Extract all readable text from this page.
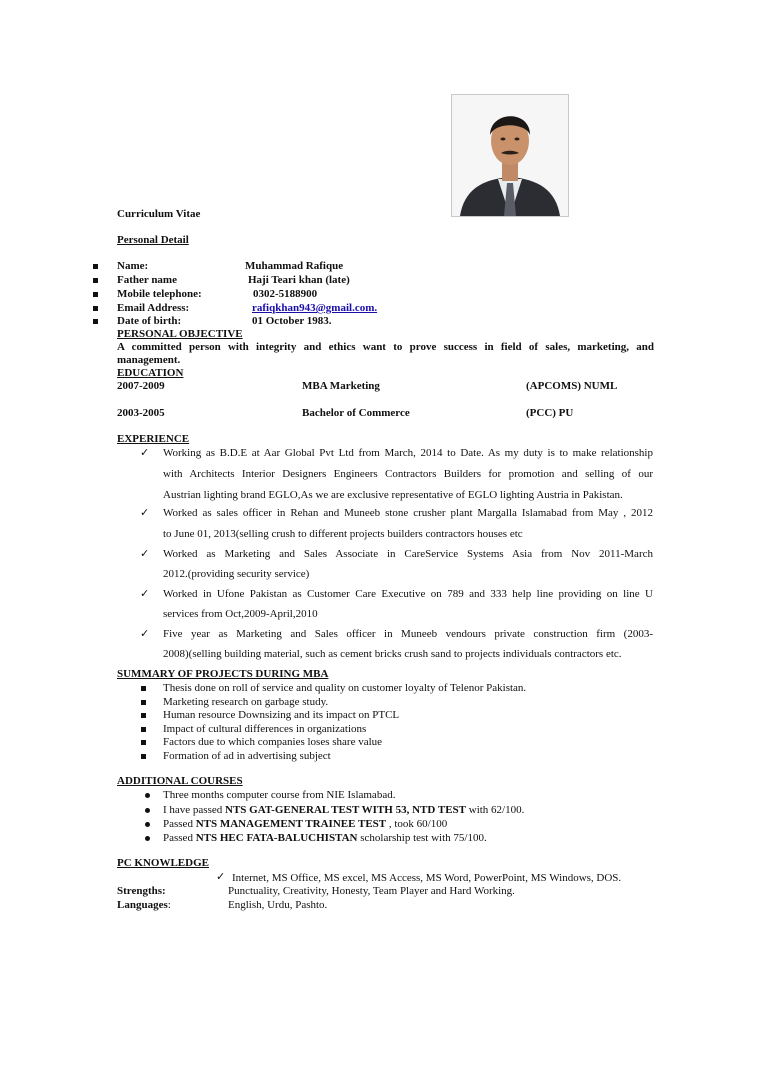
Curriculum Vitae
Personal Detail
Name:	Muhammad Rafique
Father name	Haji Teari khan (late)
Mobile telephone:	0302-5188900
Email Address:	rafiqkhan943@gmail.com.
Date of birth:	01 October 1983.
PERSONAL OBJECTIVE
A committed person with integrity and ethics want to prove success in field of sales, marketing, and
management.
EDUCATION
2007-2009	MBA Marketing	(APCOMS) NUML
2003-2005	Bachelor of Commerce	(PCC) PU
EXPERIENCE
✓ Working as B.D.E at Aar Global Pvt Ltd from March, 2014 to Date. As my duty is to make relationship
with Architects Interior Designers Engineers Contractors Builders for promotion and selling of our
Austrian lighting brand EGLO,As we are exclusive representative of EGLO lighting Austria in Pakistan.
✓ Worked as sales officer in Rehan and Muneeb stone crusher plant Margalla Islamabad from May , 2012
to June 01, 2013(selling crush to different projects builders contractors houses etc
✓ Worked as Marketing and Sales Associate in CareService Systems Asia from Nov 2011-March
2012.(providing security service)
✓ Worked in Ufone Pakistan as Customer Care Executive on 789 and 333 help line providing on line U
services from Oct,2009-April,2010
✓ Five year as Marketing and Sales officer in Muneeb vendours private construction firm (2003-
2008)(selling building material, such as cement bricks crush sand to projects individuals contractors etc.
SUMMARY OF PROJECTS DURING MBA
Thesis done on roll of service and quality on customer loyalty of Telenor Pakistan.
Marketing research on garbage study.
Human resource Downsizing and its impact on PTCL
Impact of cultural differences in organizations
Factors due to which companies loses share value
Formation of ad in advertising subject
ADDITIONAL COURSES
Three months computer course from NIE Islamabad.
I have passed NTS GAT-GENERAL TEST WITH 53, NTD TEST with 62/100.
Passed NTS MANAGEMENT TRAINEE TEST , took 60/100
Passed NTS HEC FATA-BALUCHISTAN scholarship test with 75/100.
PC KNOWLEDGE
✓ Internet, MS Office, MS excel, MS Access, MS Word, PowerPoint, MS Windows, DOS.
Strengths:	Punctuality, Creativity, Honesty, Team Player and Hard Working.
Languages:	English, Urdu, Pashto.
